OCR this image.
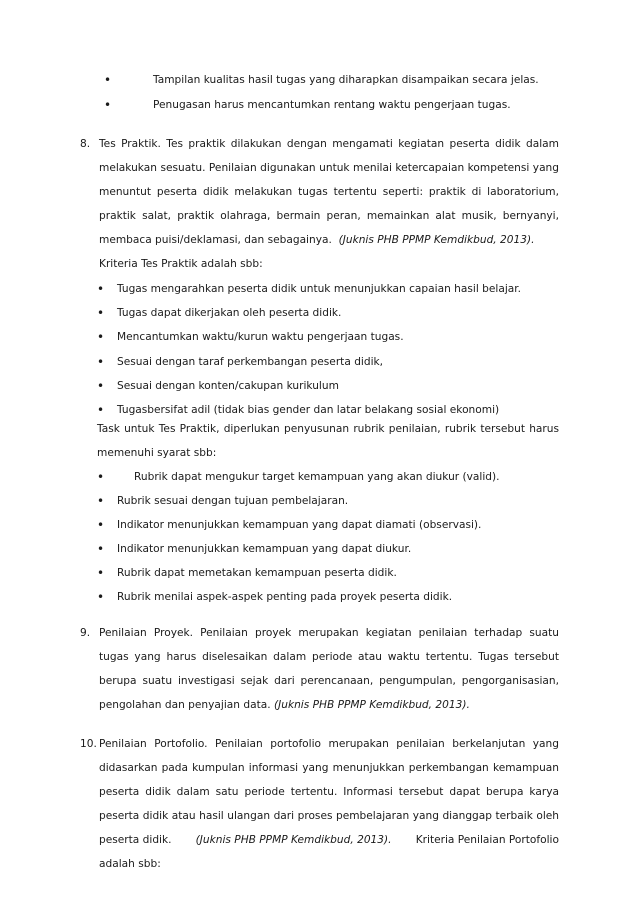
•	Tampilan kualitas hasil tugas yang diharapkan disampaikan secara jelas.
•	Penugasan harus mencantumkan rentang waktu pengerjaan tugas.
8. Tes Praktik. Tes praktik dilakukan dengan mengamati kegiatan peserta didik dalam
melakukan sesuatu. Penilaian digunakan untuk menilai ketercapaian kompetensi yang
menuntut peserta didik melakukan tugas tertentu seperti: praktik di laboratorium,
praktik salat, praktik olahraga, bermain peran, memainkan alat musik, bernyanyi,
membaca puisi/deklamasi, dan sebagainya. (Juknis PHB PPMP Kemdikbud, 2013).
Kriteria Tes Praktik adalah sbb:
• Tugas mengarahkan peserta didik untuk menunjukkan capaian hasil belajar.
• Tugas dapat dikerjakan oleh peserta didik.
• Mencantumkan waktu/kurun waktu pengerjaan tugas.
• Sesuai dengan taraf perkembangan peserta didik,
• Sesuai dengan konten/cakupan kurikulum
• Tugasbersifat adil (tidak bias gender dan latar belakang sosial ekonomi)
Task untuk Tes Praktik, diperlukan penyusunan rubrik penilaian, rubrik tersebut harus
memenuhi syarat sbb:
•	Rubrik dapat mengukur target kemampuan yang akan diukur (valid).
• Rubrik sesuai dengan tujuan pembelajaran.
• Indikator menunjukkan kemampuan yang dapat diamati (observasi).
• Indikator menunjukkan kemampuan yang dapat diukur.
• Rubrik dapat memetakan kemampuan peserta didik.
• Rubrik menilai aspek-aspek penting pada proyek peserta didik.
9. Penilaian Proyek. Penilaian proyek merupakan kegiatan penilaian terhadap suatu
tugas yang harus diselesaikan dalam periode atau waktu tertentu. Tugas tersebut
berupa suatu investigasi sejak dari perencanaan, pengumpulan, pengorganisasian,
pengolahan dan penyajian data. (Juknis PHB PPMP Kemdikbud, 2013).
10. Penilaian Portofolio. Penilaian portofolio merupakan penilaian berkelanjutan yang
didasarkan pada kumpulan informasi yang menunjukkan perkembangan kemampuan
peserta didik dalam satu periode tertentu. Informasi tersebut dapat berupa karya
peserta didik atau hasil ulangan dari proses pembelajaran yang dianggap terbaik oleh
peserta didik. (Juknis PHB PPMP Kemdikbud, 2013). Kriteria Penilaian Portofolio
adalah sbb:
